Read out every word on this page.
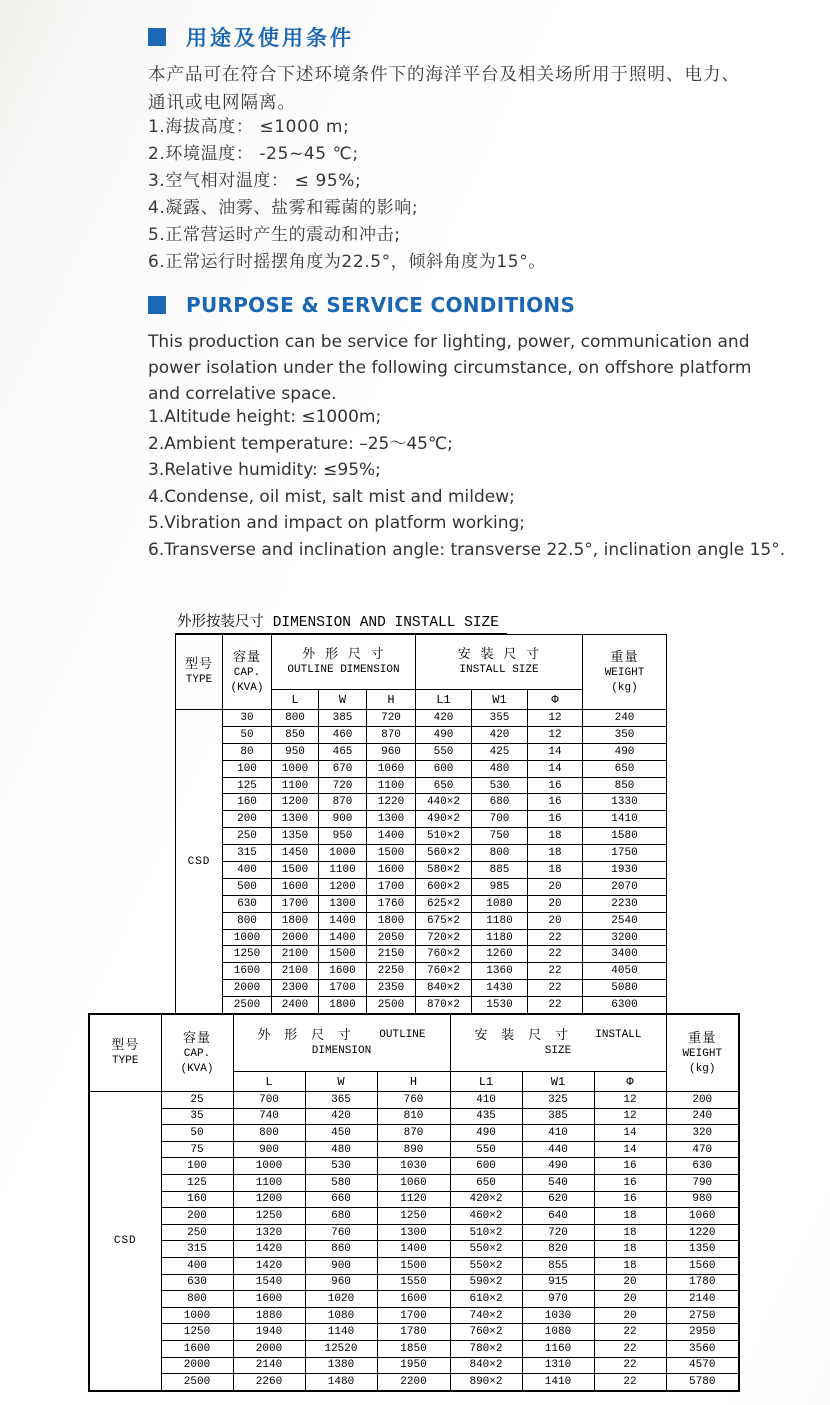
用途及使用条件
本产品可在符合下述环境条件下的海洋平台及相关场所用于照明、电力、
通讯或电网隔离。
1.海拔高度： ≤1000 m;
2.环境温度： -25~45 ℃;
3.空气相对温度： ≤ 95%;
4.凝露、油雾、盐雾和霉菌的影响;
5.正常营运时产生的震动和冲击;
6.正常运行时摇摆角度为22.5°，倾斜角度为15°。
PURPOSE & SERVICE CONDITIONS
This production can be service for lighting, power, communication and
power isolation under the following circumstance, on offshore platform
and correlative space.
1.Altitude height: ≤1000m;
2.Ambient temperature: –25～45℃;
3.Relative humidity: ≤95%;
4.Condense, oil mist, salt mist and mildew;
5.Vibration and impact on platform working;
6.Transverse and inclination angle: transverse 22.5°, inclination angle 15°.
外形按装尺寸 DIMENSION AND INSTALL SIZE
型号
TYPE

容量
CAP.
(KVA)

外 形 尺 寸
OUTLINE DIMENSION

安 装 尺 寸
INSTALL SIZE

重量
WEIGHT
(kg)

		L	W	H	L1	W1	Φ	
CSD	30	800	385	720	420	355	12	240
	50	850	460	870	490	420	12	350
	80	950	465	960	550	425	14	490
	100	1000	670	1060	600	480	14	650
	125	1100	720	1100	650	530	16	850
	160	1200	870	1220	440×2	680	16	1330
	200	1300	900	1300	490×2	700	16	1410
	250	1350	950	1400	510×2	750	18	1580
	315	1450	1000	1500	560×2	800	18	1750
	400	1500	1100	1600	580×2	885	18	1930
	500	1600	1200	1700	600×2	985	20	2070
	630	1700	1300	1760	625×2	1080	20	2230
	800	1800	1400	1800	675×2	1180	20	2540
	1000	2000	1400	2050	720×2	1180	22	3200
	1250	2100	1500	2150	760×2	1260	22	3400
	1600	2100	1600	2250	760×2	1360	22	4050
	2000	2300	1700	2350	840×2	1430	22	5080
	2500	2400	1800	2500	870×2	1530	22	6300
型号
TYPE

容量
CAP.
(KVA)

外 形 尺 寸 OUTLINE
DIMENSION

安 装 尺 寸 INSTALL
SIZE

重量
WEIGHT
(kg)

		L	W	H	L1	W1	Φ	
CSD	25	700	365	760	410	325	12	200
	35	740	420	810	435	385	12	240
	50	800	450	870	490	410	14	320
	75	900	480	890	550	440	14	470
	100	1000	530	1030	600	490	16	630
	125	1100	580	1060	650	540	16	790
	160	1200	660	1120	420×2	620	16	980
	200	1250	680	1250	460×2	640	18	1060
	250	1320	760	1300	510×2	720	18	1220
	315	1420	860	1400	550×2	820	18	1350
	400	1420	900	1500	550×2	855	18	1560
	630	1540	960	1550	590×2	915	20	1780
	800	1600	1020	1600	610×2	970	20	2140
	1000	1880	1080	1700	740×2	1030	20	2750
	1250	1940	1140	1780	760×2	1080	22	2950
	1600	2000	12520	1850	780×2	1160	22	3560
	2000	2140	1380	1950	840×2	1310	22	4570
	2500	2260	1480	2200	890×2	1410	22	5780
